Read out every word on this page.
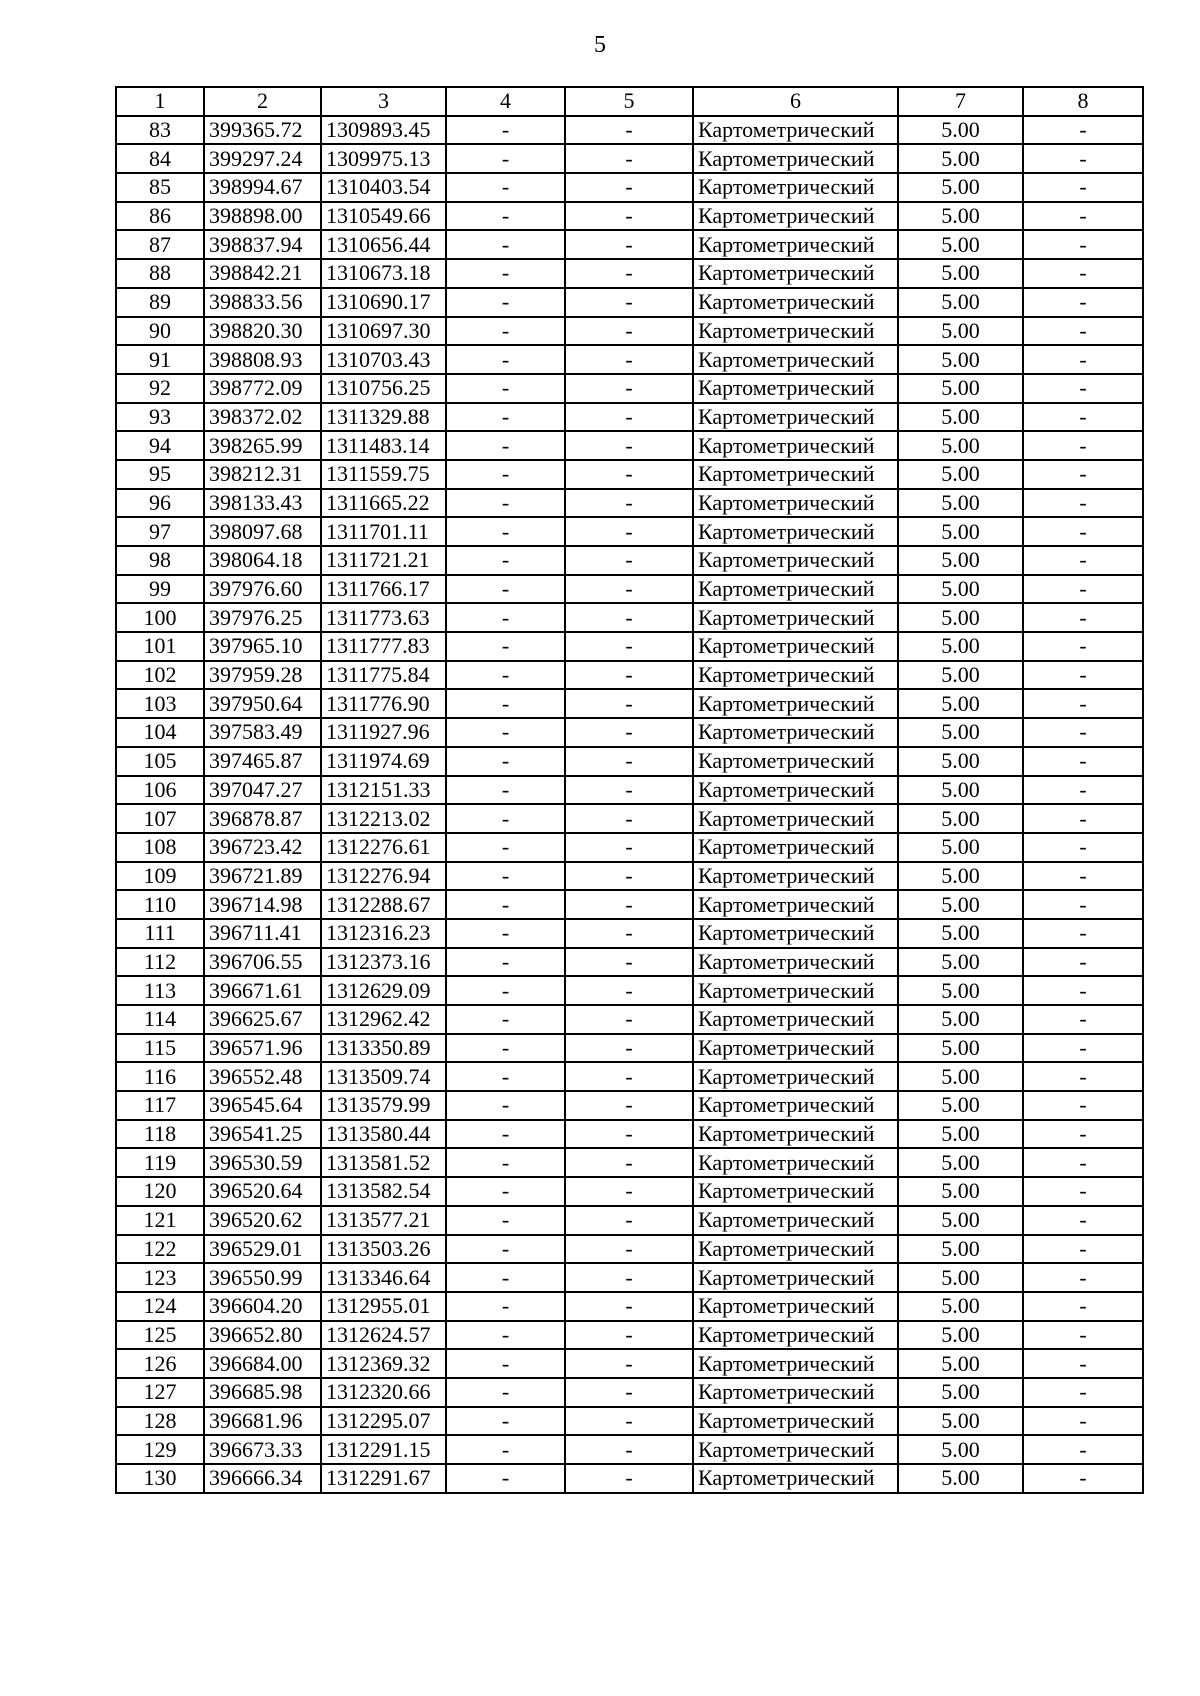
5
1	2	3	4	5	6	7	8
83	399365.72	1309893.45	-	-	Картометрический	5.00	-
84	399297.24	1309975.13	-	-	Картометрический	5.00	-
85	398994.67	1310403.54	-	-	Картометрический	5.00	-
86	398898.00	1310549.66	-	-	Картометрический	5.00	-
87	398837.94	1310656.44	-	-	Картометрический	5.00	-
88	398842.21	1310673.18	-	-	Картометрический	5.00	-
89	398833.56	1310690.17	-	-	Картометрический	5.00	-
90	398820.30	1310697.30	-	-	Картометрический	5.00	-
91	398808.93	1310703.43	-	-	Картометрический	5.00	-
92	398772.09	1310756.25	-	-	Картометрический	5.00	-
93	398372.02	1311329.88	-	-	Картометрический	5.00	-
94	398265.99	1311483.14	-	-	Картометрический	5.00	-
95	398212.31	1311559.75	-	-	Картометрический	5.00	-
96	398133.43	1311665.22	-	-	Картометрический	5.00	-
97	398097.68	1311701.11	-	-	Картометрический	5.00	-
98	398064.18	1311721.21	-	-	Картометрический	5.00	-
99	397976.60	1311766.17	-	-	Картометрический	5.00	-
100	397976.25	1311773.63	-	-	Картометрический	5.00	-
101	397965.10	1311777.83	-	-	Картометрический	5.00	-
102	397959.28	1311775.84	-	-	Картометрический	5.00	-
103	397950.64	1311776.90	-	-	Картометрический	5.00	-
104	397583.49	1311927.96	-	-	Картометрический	5.00	-
105	397465.87	1311974.69	-	-	Картометрический	5.00	-
106	397047.27	1312151.33	-	-	Картометрический	5.00	-
107	396878.87	1312213.02	-	-	Картометрический	5.00	-
108	396723.42	1312276.61	-	-	Картометрический	5.00	-
109	396721.89	1312276.94	-	-	Картометрический	5.00	-
110	396714.98	1312288.67	-	-	Картометрический	5.00	-
111	396711.41	1312316.23	-	-	Картометрический	5.00	-
112	396706.55	1312373.16	-	-	Картометрический	5.00	-
113	396671.61	1312629.09	-	-	Картометрический	5.00	-
114	396625.67	1312962.42	-	-	Картометрический	5.00	-
115	396571.96	1313350.89	-	-	Картометрический	5.00	-
116	396552.48	1313509.74	-	-	Картометрический	5.00	-
117	396545.64	1313579.99	-	-	Картометрический	5.00	-
118	396541.25	1313580.44	-	-	Картометрический	5.00	-
119	396530.59	1313581.52	-	-	Картометрический	5.00	-
120	396520.64	1313582.54	-	-	Картометрический	5.00	-
121	396520.62	1313577.21	-	-	Картометрический	5.00	-
122	396529.01	1313503.26	-	-	Картометрический	5.00	-
123	396550.99	1313346.64	-	-	Картометрический	5.00	-
124	396604.20	1312955.01	-	-	Картометрический	5.00	-
125	396652.80	1312624.57	-	-	Картометрический	5.00	-
126	396684.00	1312369.32	-	-	Картометрический	5.00	-
127	396685.98	1312320.66	-	-	Картометрический	5.00	-
128	396681.96	1312295.07	-	-	Картометрический	5.00	-
129	396673.33	1312291.15	-	-	Картометрический	5.00	-
130	396666.34	1312291.67	-	-	Картометрический	5.00	-
